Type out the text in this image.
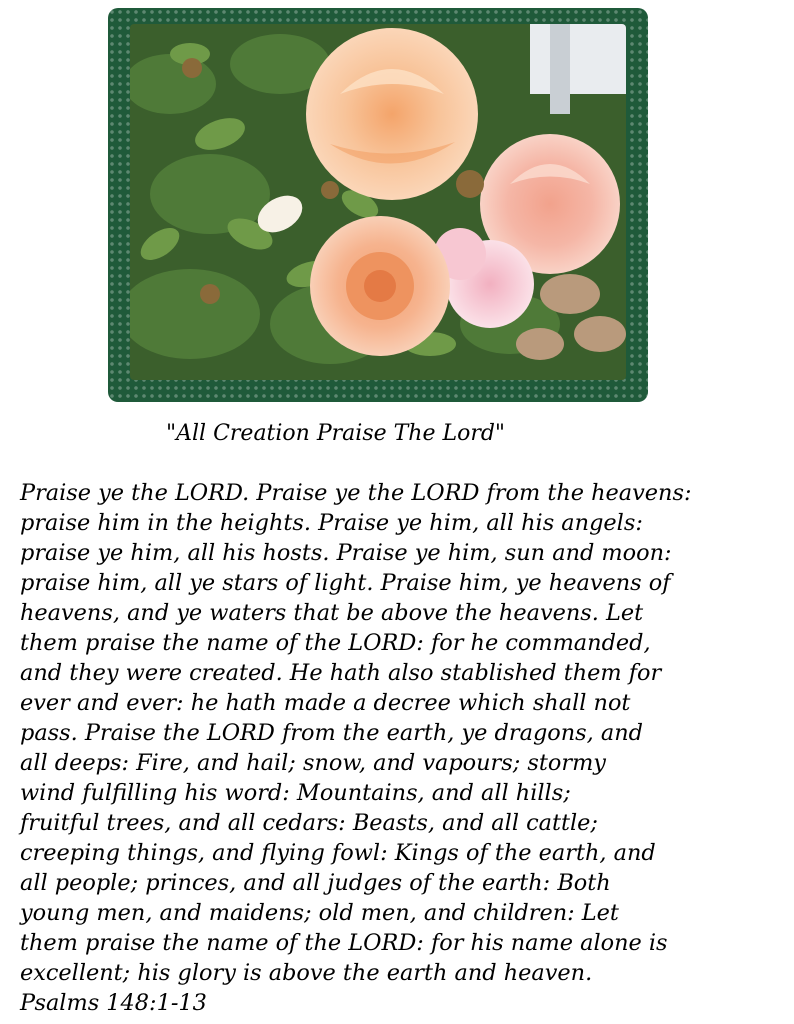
"All Creation Praise The Lord"
Praise ye the LORD. Praise ye the LORD from the heavens:
praise him in the heights. Praise ye him, all his angels:
praise ye him, all his hosts. Praise ye him, sun and moon:
praise him, all ye stars of light. Praise him, ye heavens of
heavens, and ye waters that be above the heavens. Let
them praise the name of the LORD: for he commanded,
and they were created. He hath also stablished them for
ever and ever: he hath made a decree which shall not
pass. Praise the LORD from the earth, ye dragons, and
all deeps: Fire, and hail; snow, and vapours; stormy
wind fulfilling his word: Mountains, and all hills;
fruitful trees, and all cedars: Beasts, and all cattle;
creeping things, and flying fowl: Kings of the earth, and
all people; princes, and all judges of the earth: Both
young men, and maidens; old men, and children: Let
them praise the name of the LORD: for his name alone is
excellent; his glory is above the earth and heaven.
Psalms 148:1-13
